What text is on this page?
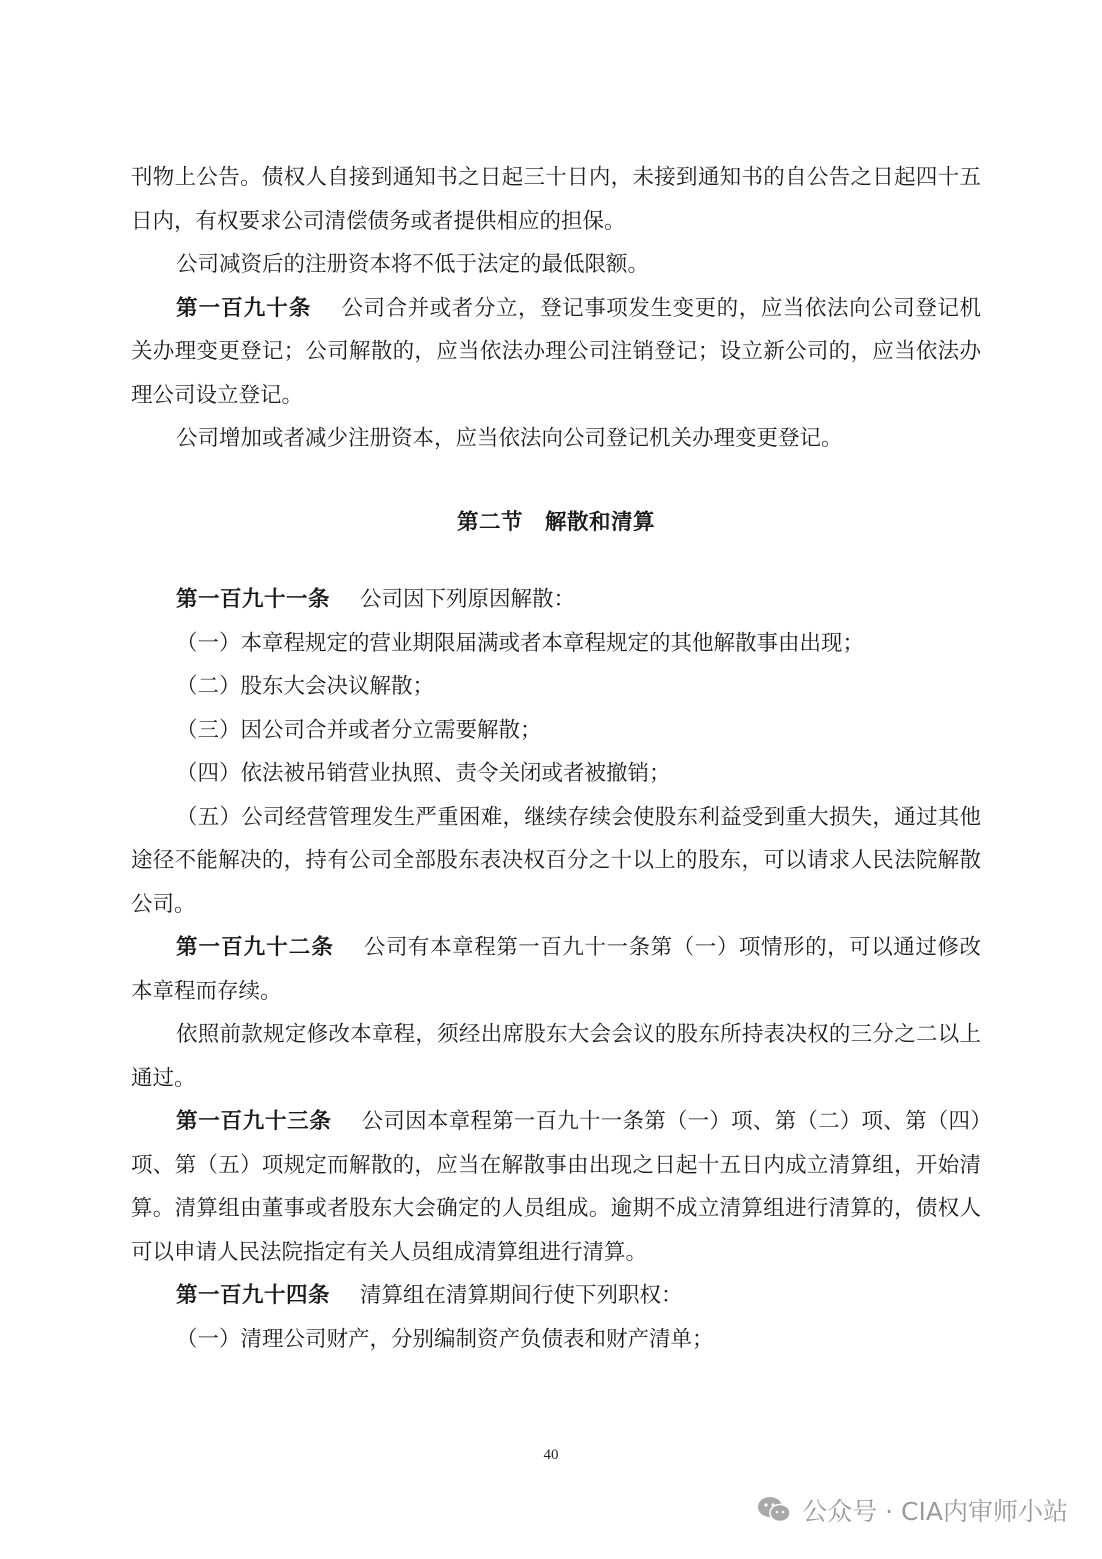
刊物上公告。债权人自接到通知书之日起三十日内，未接到通知书的自公告之日起四十五日内，有权要求公司清偿债务或者提供相应的担保。

公司减资后的注册资本将不低于法定的最低限额。

第一百九十条 公司合并或者分立，登记事项发生变更的，应当依法向公司登记机关办理变更登记；公司解散的，应当依法办理公司注销登记；设立新公司的，应当依法办理公司设立登记。

公司增加或者减少注册资本，应当依法向公司登记机关办理变更登记。

第二节 解散和清算

第一百九十一条 公司因下列原因解散：

（一）本章程规定的营业期限届满或者本章程规定的其他解散事由出现；

（二）股东大会决议解散；

（三）因公司合并或者分立需要解散；

（四）依法被吊销营业执照、责令关闭或者被撤销；

（五）公司经营管理发生严重困难，继续存续会使股东利益受到重大损失，通过其他途径不能解决的，持有公司全部股东表决权百分之十以上的股东，可以请求人民法院解散公司。

第一百九十二条 公司有本章程第一百九十一条第（一）项情形的，可以通过修改本章程而存续。

依照前款规定修改本章程，须经出席股东大会会议的股东所持表决权的三分之二以上通过。

第一百九十三条 公司因本章程第一百九十一条第（一）项、第（二）项、第（四）项、第（五）项规定而解散的，应当在解散事由出现之日起十五日内成立清算组，开始清算。清算组由董事或者股东大会确定的人员组成。逾期不成立清算组进行清算的，债权人可以申请人民法院指定有关人员组成清算组进行清算。

第一百九十四条 清算组在清算期间行使下列职权：

（一）清理公司财产，分别编制资产负债表和财产清单；

40
公众号 · CIA内审师小站
